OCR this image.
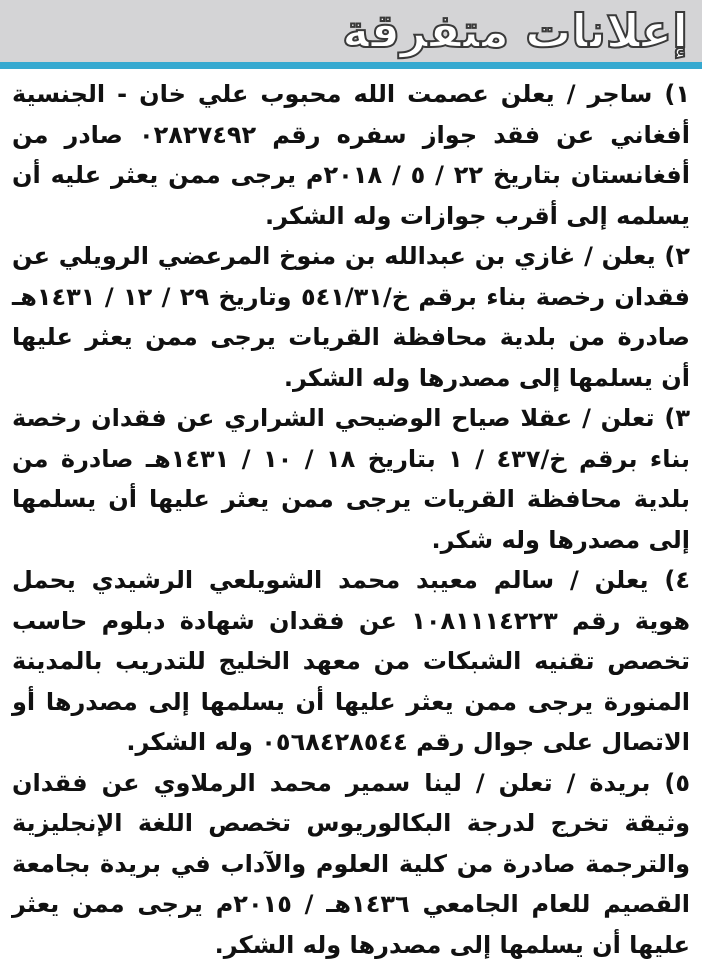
إعلانات متفرقة

١) ساجر / يعلن عصمت الله محبوب علي خان - الجنسية أفغاني عن فقد جواز سفره رقم ٠٢٨٢٧٤٩٢ صادر من أفغانستان بتاريخ ٢٢ / ٥ / ٢٠١٨م يرجى ممن يعثر عليه أن يسلمه إلى أقرب جوازات وله الشكر.

٢) يعلن / غازي بن عبدالله بن منوخ المرعضي الرويلي عن فقدان رخصة بناء برقم خ/٥٤١/٣١ وتاريخ ٢٩ / ١٢ / ١٤٣١هـ صادرة من بلدية محافظة القريات يرجى ممن يعثر عليها أن يسلمها إلى مصدرها وله الشكر.

٣) تعلن / عقلا صياح الوضيحي الشراري عن فقدان رخصة بناء برقم خ/٤٣٧ / ١ بتاريخ ١٨ / ١٠ / ١٤٣١هـ صادرة من بلدية محافظة القريات يرجى ممن يعثر عليها أن يسلمها إلى مصدرها وله شكر.

٤) يعلن / سالم معيبد محمد الشويلعي الرشيدي يحمل هوية رقم ١٠٨١١١٤٢٢٣ عن فقدان شهادة دبلوم حاسب تخصص تقنيه الشبكات من معهد الخليج للتدريب بالمدينة المنورة يرجى ممن يعثر عليها أن يسلمها إلى مصدرها أو الاتصال على جوال رقم ٠٥٦٨٤٢٨٥٤٤ وله الشكر.

٥) بريدة / تعلن / لينا سمير محمد الرملاوي عن فقدان وثيقة تخرج لدرجة البكالوريوس تخصص اللغة الإنجليزية والترجمة صادرة من كلية العلوم والآداب في بريدة بجامعة القصيم للعام الجامعي ١٤٣٦هـ / ٢٠١٥م يرجى ممن يعثر عليها أن يسلمها إلى مصدرها وله الشكر.
